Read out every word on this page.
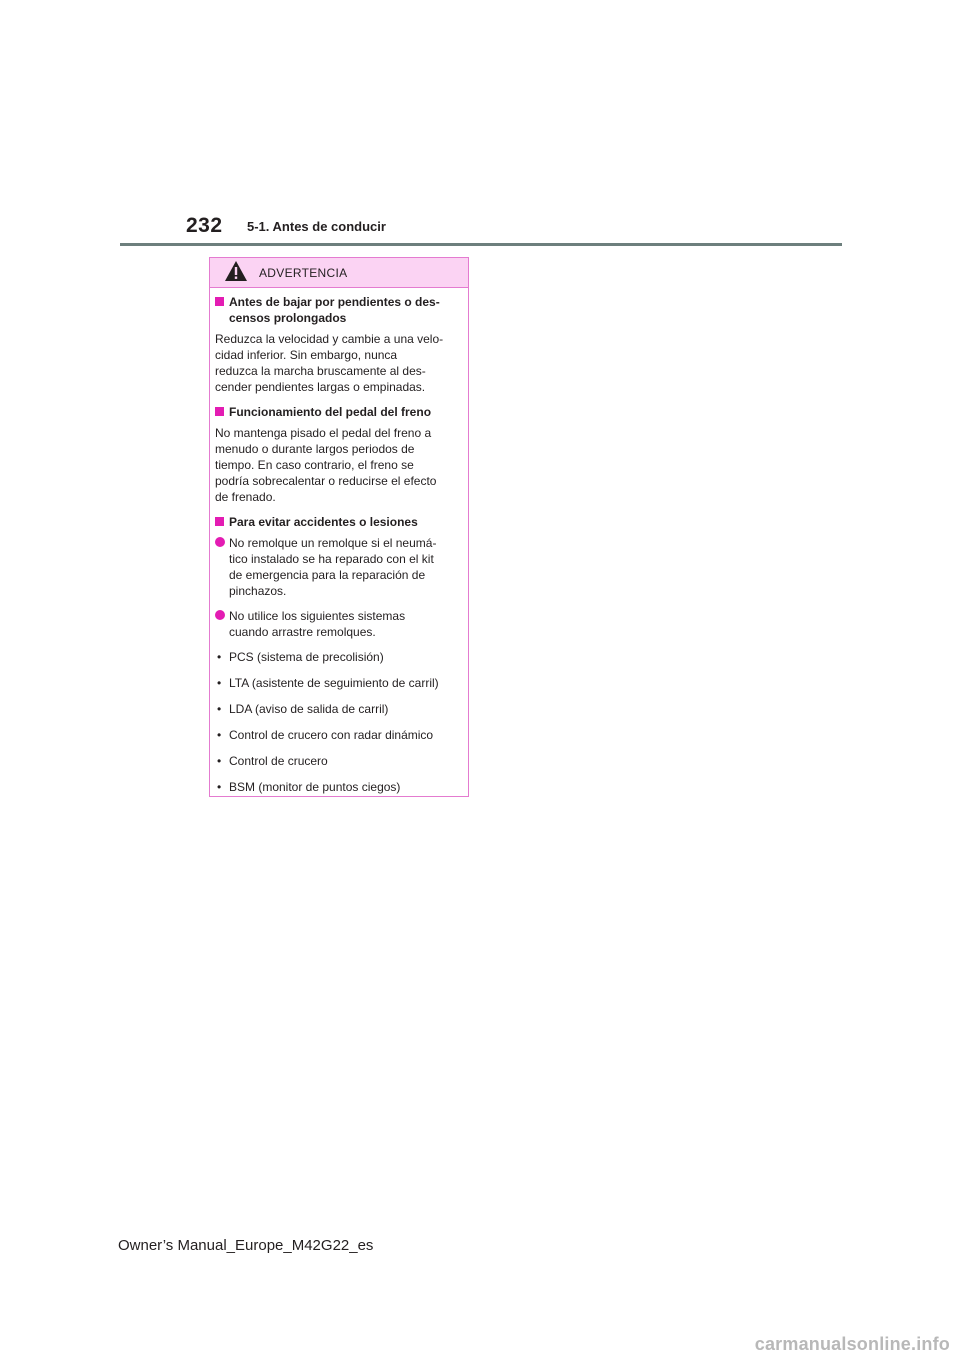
232 5-1. Antes de conducir
ADVERTENCIA
Antes de bajar por pendientes o des-
censos prolongados
Reduzca la velocidad y cambie a una velo-
cidad inferior. Sin embargo, nunca
reduzca la marcha bruscamente al des-
cender pendientes largas o empinadas.
Funcionamiento del pedal del freno
No mantenga pisado el pedal del freno a
menudo o durante largos periodos de
tiempo. En caso contrario, el freno se
podría sobrecalentar o reducirse el efecto
de frenado.
Para evitar accidentes o lesiones
No remolque un remolque si el neumá-
tico instalado se ha reparado con el kit
de emergencia para la reparación de
pinchazos.
No utilice los siguientes sistemas
cuando arrastre remolques.
• PCS (sistema de precolisión)
• LTA (asistente de seguimiento de carril)
• LDA (aviso de salida de carril)
• Control de crucero con radar dinámico
• Control de crucero
• BSM (monitor de puntos ciegos)
Owner’s Manual_Europe_M42G22_es
carmanualsonline.info
